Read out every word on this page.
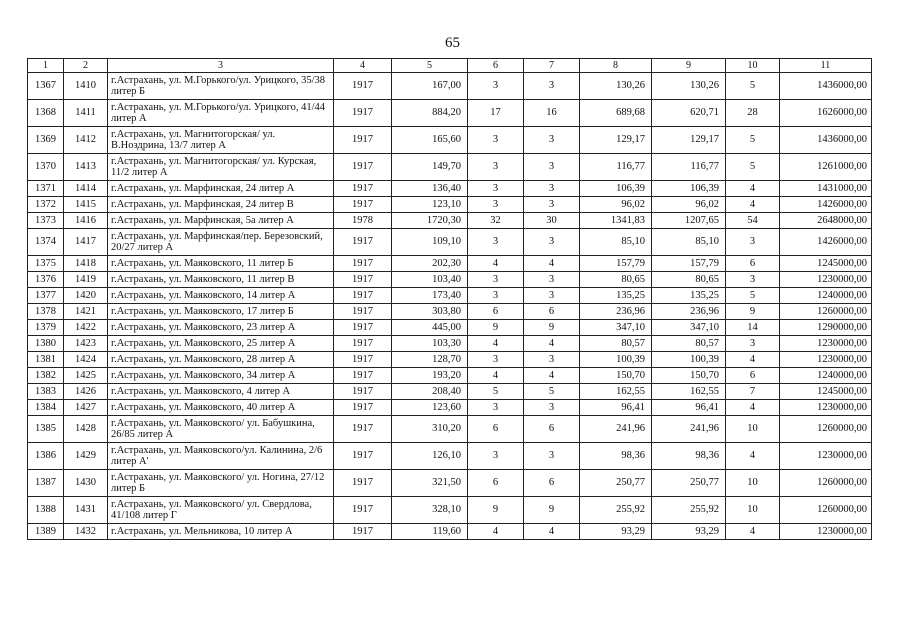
65
1	2	3	4	5	6	7	8	9	10	11
1367	1410	г.Астрахань, ул. М.Горького/ул. Урицкого, 35/38 литер Б	1917	167,00	3	3	130,26	130,26	5	1436000,00
1368	1411	г.Астрахань, ул. М.Горького/ул. Урицкого, 41/44 литер А	1917	884,20	17	16	689,68	620,71	28	1626000,00
1369	1412	г.Астрахань, ул. Магнитогорская/ ул. В.Ноздрина, 13/7 литер А	1917	165,60	3	3	129,17	129,17	5	1436000,00
1370	1413	г.Астрахань, ул. Магнитогорская/ ул. Курская, 11/2 литер А	1917	149,70	3	3	116,77	116,77	5	1261000,00
1371	1414	г.Астрахань, ул. Марфинская, 24 литер А	1917	136,40	3	3	106,39	106,39	4	1431000,00
1372	1415	г.Астрахань, ул. Марфинская, 24 литер В	1917	123,10	3	3	96,02	96,02	4	1426000,00
1373	1416	г.Астрахань, ул. Марфинская, 5а литер А	1978	1720,30	32	30	1341,83	1207,65	54	2648000,00
1374	1417	г.Астрахань, ул. Марфинская/пер. Березовский, 20/27 литер А	1917	109,10	3	3	85,10	85,10	3	1426000,00
1375	1418	г.Астрахань, ул. Маяковского, 11 литер Б	1917	202,30	4	4	157,79	157,79	6	1245000,00
1376	1419	г.Астрахань, ул. Маяковского, 11 литер В	1917	103,40	3	3	80,65	80,65	3	1230000,00
1377	1420	г.Астрахань, ул. Маяковского, 14 литер А	1917	173,40	3	3	135,25	135,25	5	1240000,00
1378	1421	г.Астрахань, ул. Маяковского, 17 литер Б	1917	303,80	6	6	236,96	236,96	9	1260000,00
1379	1422	г.Астрахань, ул. Маяковского, 23 литер А	1917	445,00	9	9	347,10	347,10	14	1290000,00
1380	1423	г.Астрахань, ул. Маяковского, 25 литер А	1917	103,30	4	4	80,57	80,57	3	1230000,00
1381	1424	г.Астрахань, ул. Маяковского, 28 литер А	1917	128,70	3	3	100,39	100,39	4	1230000,00
1382	1425	г.Астрахань, ул. Маяковского, 34 литер А	1917	193,20	4	4	150,70	150,70	6	1240000,00
1383	1426	г.Астрахань, ул. Маяковского, 4 литер А	1917	208,40	5	5	162,55	162,55	7	1245000,00
1384	1427	г.Астрахань, ул. Маяковского, 40 литер А	1917	123,60	3	3	96,41	96,41	4	1230000,00
1385	1428	г.Астрахань, ул. Маяковского/ ул. Бабушкина, 26/85 литер А	1917	310,20	6	6	241,96	241,96	10	1260000,00
1386	1429	г.Астрахань, ул. Маяковского/ул. Калинина, 2/6 литер А'	1917	126,10	3	3	98,36	98,36	4	1230000,00
1387	1430	г.Астрахань, ул. Маяковского/ ул. Ногина, 27/12 литер Б	1917	321,50	6	6	250,77	250,77	10	1260000,00
1388	1431	г.Астрахань, ул. Маяковского/ ул. Свердлова, 41/108 литер Г	1917	328,10	9	9	255,92	255,92	10	1260000,00
1389	1432	г.Астрахань, ул. Мельникова, 10 литер А	1917	119,60	4	4	93,29	93,29	4	1230000,00
